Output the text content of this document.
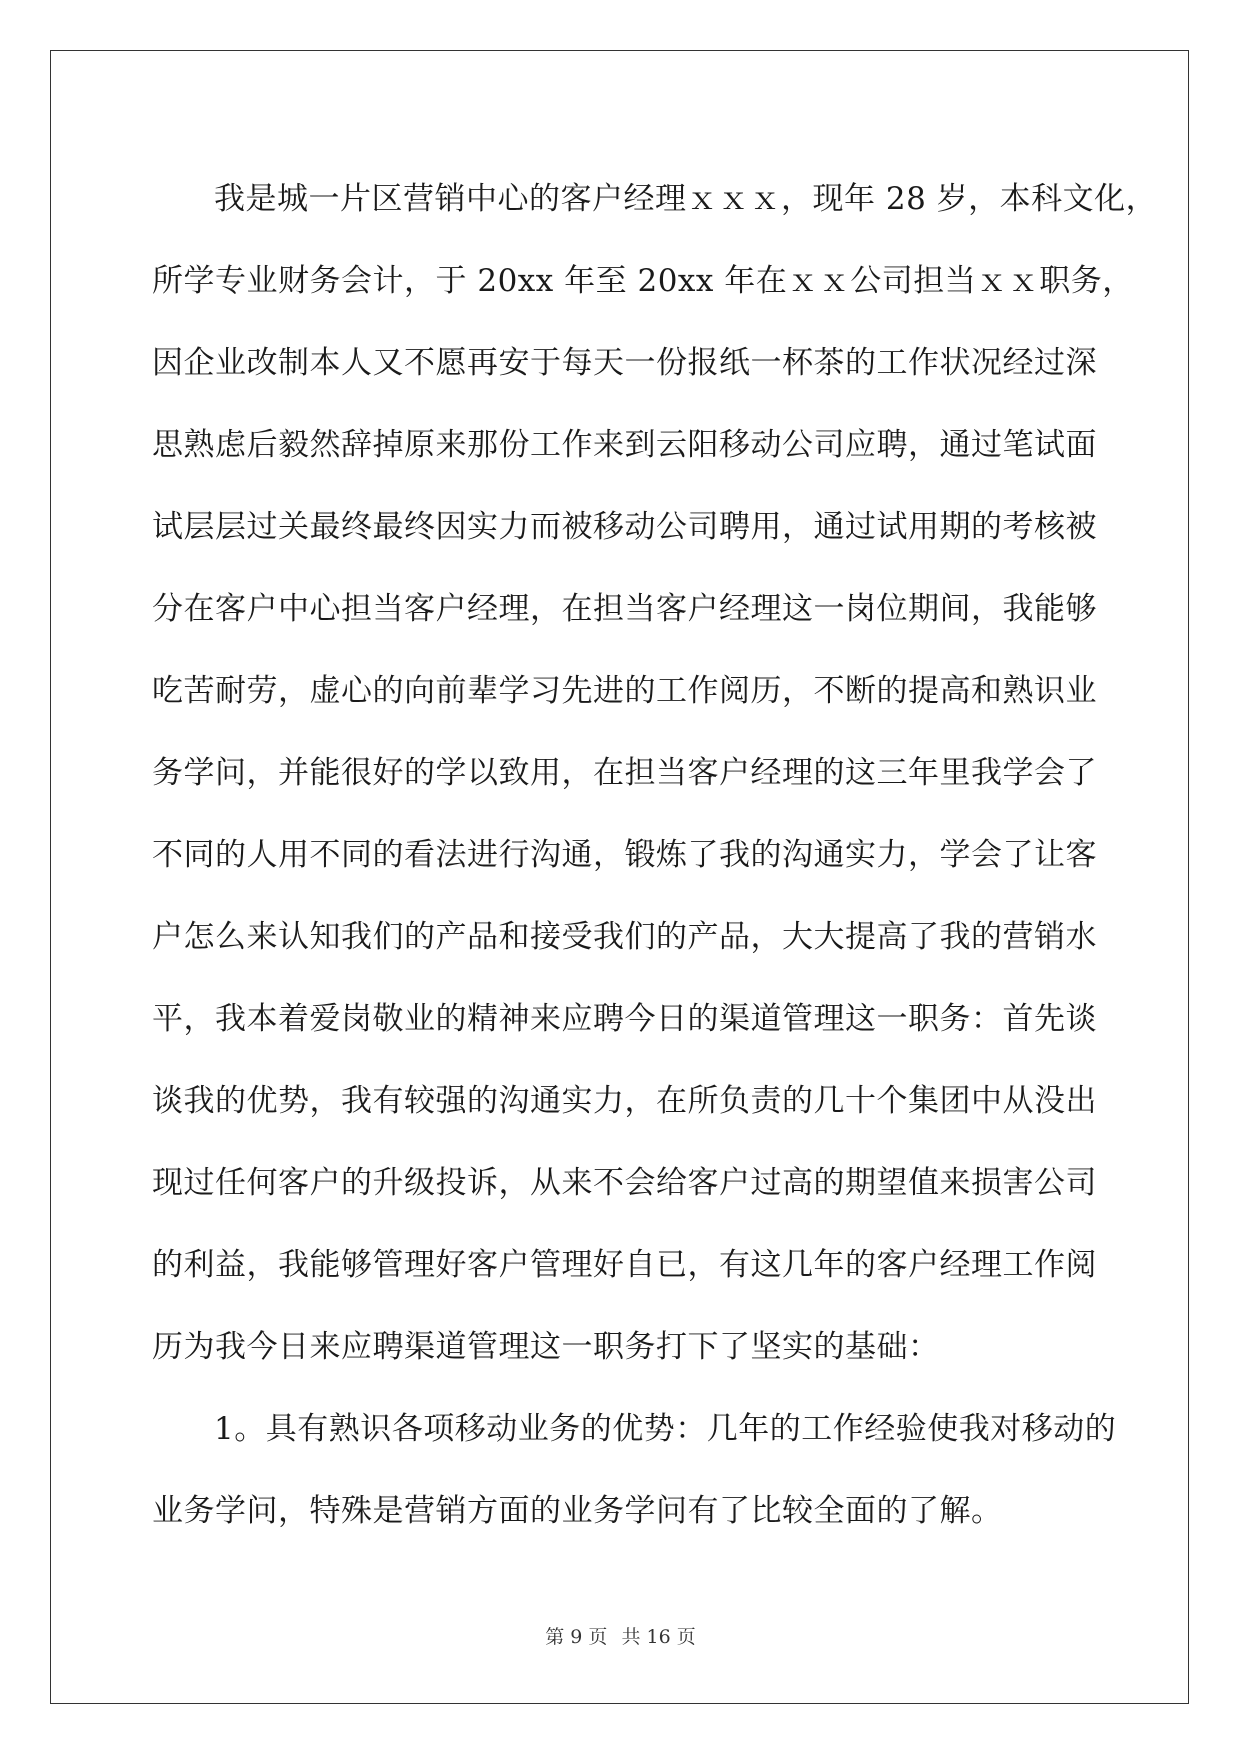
我是城一片区营销中心的客户经理ｘｘｘ，现年 28 岁，本科文化，
所学专业财务会计，于 20xx 年至 20xx 年在ｘｘ公司担当ｘｘ职务，
因企业改制本人又不愿再安于每天一份报纸一杯茶的工作状况经过深
思熟虑后毅然辞掉原来那份工作来到云阳移动公司应聘，通过笔试面
试层层过关最终最终因实力而被移动公司聘用，通过试用期的考核被
分在客户中心担当客户经理，在担当客户经理这一岗位期间，我能够
吃苦耐劳，虚心的向前辈学习先进的工作阅历，不断的提高和熟识业
务学问，并能很好的学以致用，在担当客户经理的这三年里我学会了
不同的人用不同的看法进行沟通，锻炼了我的沟通实力，学会了让客
户怎么来认知我们的产品和接受我们的产品，大大提高了我的营销水
平，我本着爱岗敬业的精神来应聘今日的渠道管理这一职务：首先谈
谈我的优势，我有较强的沟通实力，在所负责的几十个集团中从没出
现过任何客户的升级投诉，从来不会给客户过高的期望值来损害公司
的利益，我能够管理好客户管理好自已，有这几年的客户经理工作阅
历为我今日来应聘渠道管理这一职务打下了坚实的基础：
1。具有熟识各项移动业务的优势：几年的工作经验使我对移动的
业务学问，特殊是营销方面的业务学问有了比较全面的了解。
第 9 页 共 16 页
